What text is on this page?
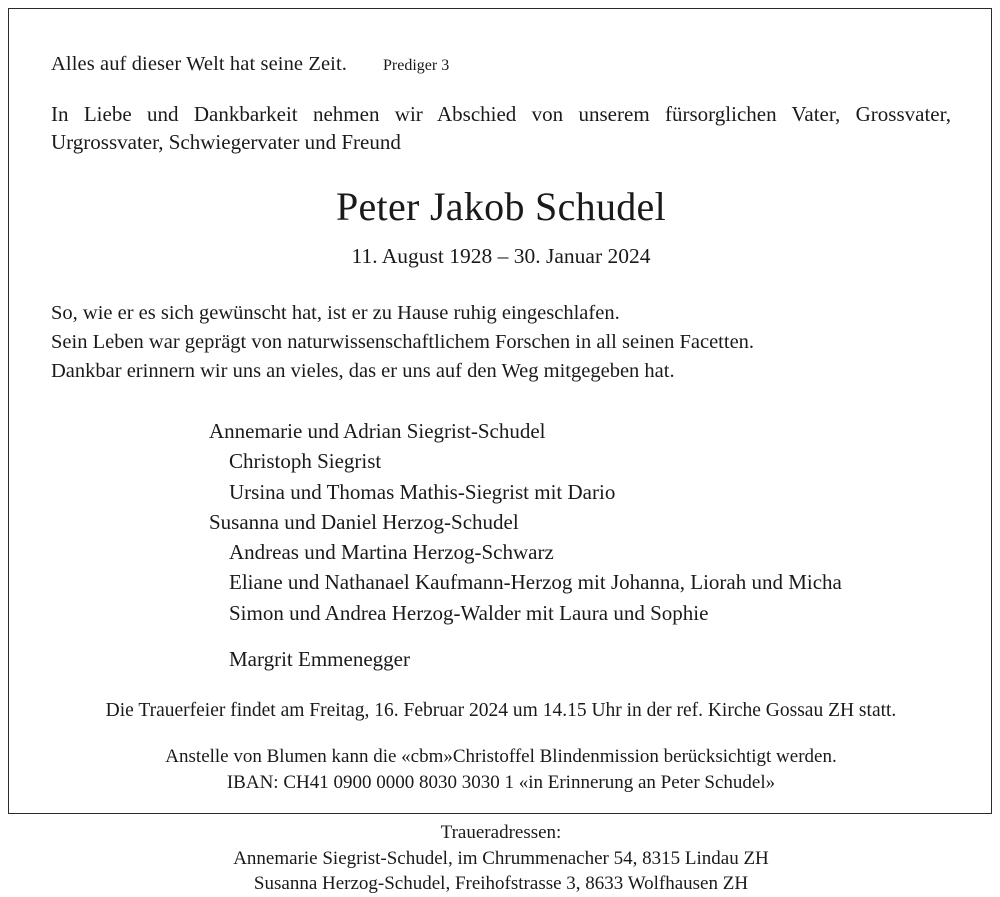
Alles auf dieser Welt hat seine Zeit. Prediger 3

In Liebe und Dankbarkeit nehmen wir Abschied von unserem fürsorglichen Vater, Grossvater, Urgrossvater, Schwiegervater und Freund

Peter Jakob Schudel
11. August 1928 – 30. Januar 2024
So, wie er es sich gewünscht hat, ist er zu Hause ruhig eingeschlafen.
Sein Leben war geprägt von naturwissenschaftlichem Forschen in all seinen Facetten.
Dankbar erinnern wir uns an vieles, das er uns auf den Weg mitgegeben hat.
Annemarie und Adrian Siegrist-Schudel
Christoph Siegrist
Ursina und Thomas Mathis-Siegrist mit Dario
Susanna und Daniel Herzog-Schudel
Andreas und Martina Herzog-Schwarz
Eliane und Nathanael Kaufmann-Herzog mit Johanna, Liorah und Micha
Simon und Andrea Herzog-Walder mit Laura und Sophie
Margrit Emmenegger
Die Trauerfeier findet am Freitag, 16. Februar 2024 um 14.15 Uhr in der ref. Kirche Gossau ZH statt.
Anstelle von Blumen kann die «cbm»Christoffel Blindenmission berücksichtigt werden.
IBAN: CH41 0900 0000 8030 3030 1 «in Erinnerung an Peter Schudel»
Traueradressen:
Annemarie Siegrist-Schudel, im Chrummenacher 54, 8315 Lindau ZH
Susanna Herzog-Schudel, Freihofstrasse 3, 8633 Wolfhausen ZH
